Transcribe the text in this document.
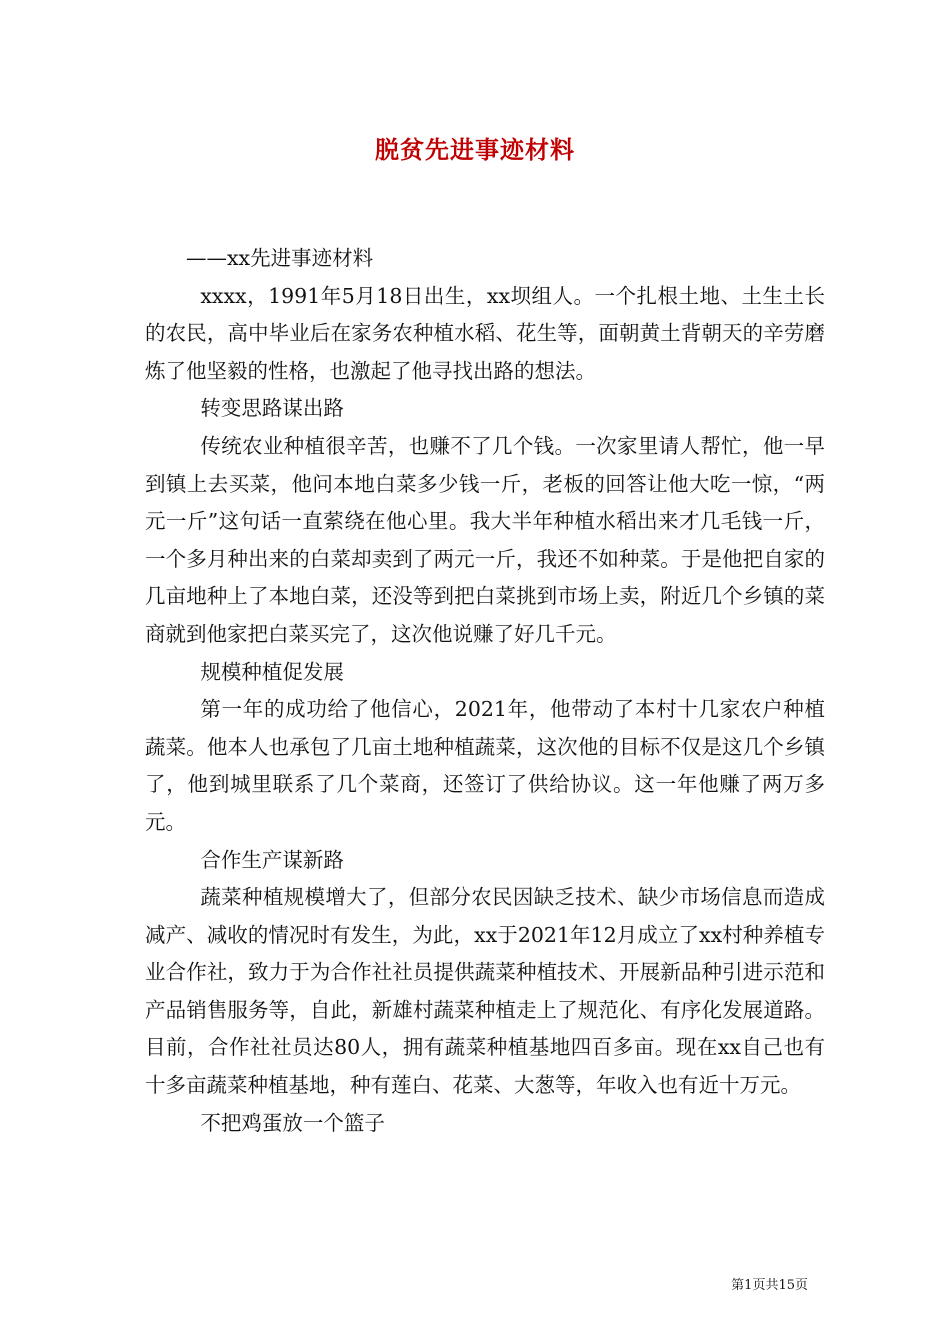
脱贫先进事迹材料

——xx先进事迹材料

xxxx，1991年5月18日出生，xx坝组人。一个扎根土地、土生土长的农民，高中毕业后在家务农种植水稻、花生等，面朝黄土背朝天的辛劳磨炼了他坚毅的性格，也激起了他寻找出路的想法。

转变思路谋出路

传统农业种植很辛苦，也赚不了几个钱。一次家里请人帮忙，他一早到镇上去买菜，他问本地白菜多少钱一斤，老板的回答让他大吃一惊，“两元一斤”这句话一直萦绕在他心里。我大半年种植水稻出来才几毛钱一斤，一个多月种出来的白菜却卖到了两元一斤，我还不如种菜。于是他把自家的几亩地种上了本地白菜，还没等到把白菜挑到市场上卖，附近几个乡镇的菜商就到他家把白菜买完了，这次他说赚了好几千元。

规模种植促发展

第一年的成功给了他信心，2021年，他带动了本村十几家农户种植蔬菜。他本人也承包了几亩土地种植蔬菜，这次他的目标不仅是这几个乡镇了，他到城里联系了几个菜商，还签订了供给协议。这一年他赚了两万多元。

合作生产谋新路

蔬菜种植规模增大了，但部分农民因缺乏技术、缺少市场信息而造成减产、减收的情况时有发生，为此，xx于2021年12月成立了xx村种养植专业合作社，致力于为合作社社员提供蔬菜种植技术、开展新品种引进示范和产品销售服务等，自此，新雄村蔬菜种植走上了规范化、有序化发展道路。目前，合作社社员达80人，拥有蔬菜种植基地四百多亩。现在xx自己也有十多亩蔬菜种植基地，种有莲白、花菜、大葱等，年收入也有近十万元。

不把鸡蛋放一个篮子

第1页共15页
